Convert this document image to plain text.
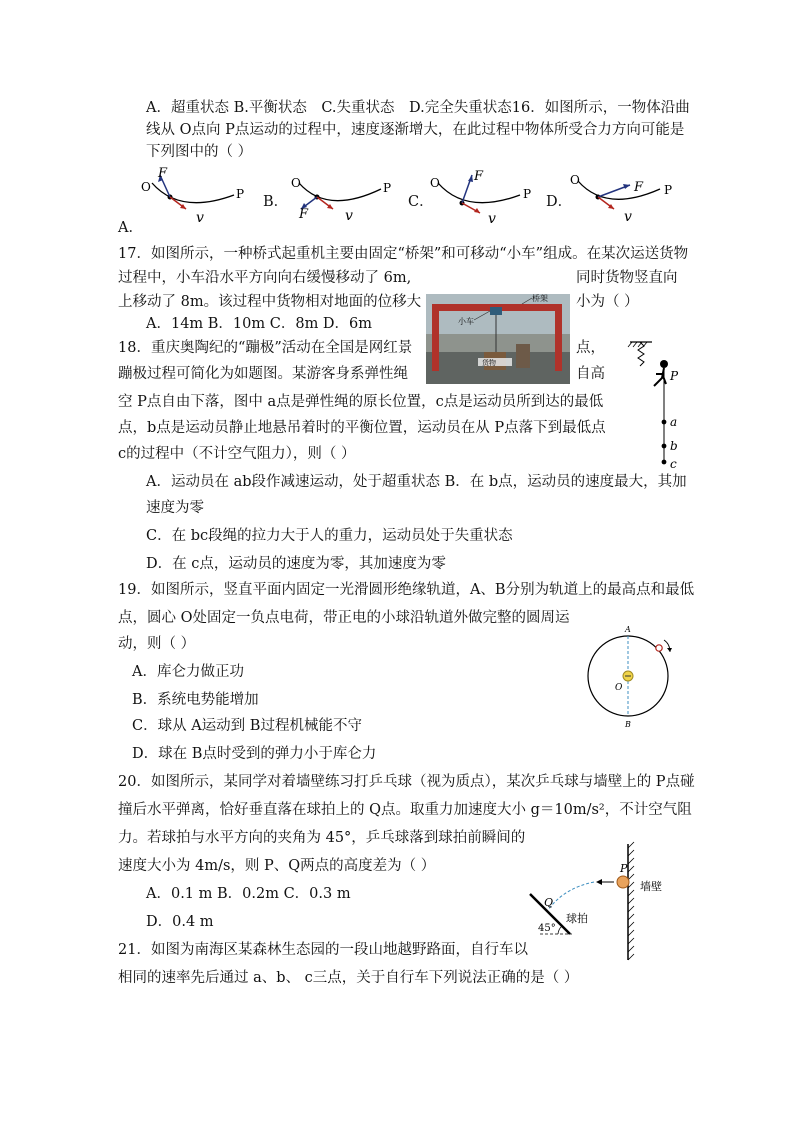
A．超重状态 B.平衡状态　C.失重状态　D.完全失重状态16．如图所示，一物体沿曲
线从 O点向 P点运动的过程中，速度逐渐增大，在此过程中物体所受合力方向可能是
下列图中的（ ）
O
F
P
v
A．
B．
O
F
P
v
C．
O	F
P
v
D．
O	F P
v
17．如图所示，一种桥式起重机主要由固定“桥架”和可移动“小车”组成。在某次运送货物
过程中，小车沿水平方向向右缓慢移动了 6m,	同时货物竖直向
上移动了 8m。该过程中货物相对地面的位移大	小为（ ）
A．14m B．10m C．8m D．6m
桥架
小车
货物
18．重庆奥陶纪的“蹦极”活动在全国是网红景	点，
蹦极过程可简化为如题图。某游客身系弹性绳	自高
空 P点自由下落，图中 a点是弹性绳的原长位置，c点是运动员所到达的最低
点，b点是运动员静止地悬吊着时的平衡位置，运动员在从 P点落下到最低点
c的过程中（不计空气阻力），则（ ）
A．运动员在 ab段作减速运动，处于超重状态 B．在 b点，运动员的速度最大，其加
速度为零
C．在 bc段绳的拉力大于人的重力，运动员处于失重状态
D．在 c点，运动员的速度为零，其加速度为零
P
a
b
c
19．如图所示，竖直平面内固定一光滑圆形绝缘轨道，A、B分别为轨道上的最高点和最低
点，圆心 O处固定一负点电荷，带正电的小球沿轨道外做完整的圆周运
动，则（ ）
A．库仑力做正功
B．系统电势能增加
C．球从 A运动到 B过程机械能不守
D．球在 B点时受到的弹力小于库仑力
A
B
O
20．如图所示，某同学对着墙壁练习打乒乓球（视为质点），某次乒乓球与墙壁上的 P点碰
撞后水平弹离，恰好垂直落在球拍上的 Q点。取重力加速度大小 g＝10m/s²，不计空气阻
力。若球拍与水平方向的夹角为 45°，乒乓球落到球拍前瞬间的
速度大小为 4m/s，则 P、Q两点的高度差为（ ）
A．0.1 m B．0.2m C．0.3 m
D．0.4 m
P
Q
墙壁
球拍
45°
21．如图为南海区某森林生态园的一段山地越野路面，自行车以
相同的速率先后通过 a、b、 c三点，关于自行车下列说法正确的是（ ）
